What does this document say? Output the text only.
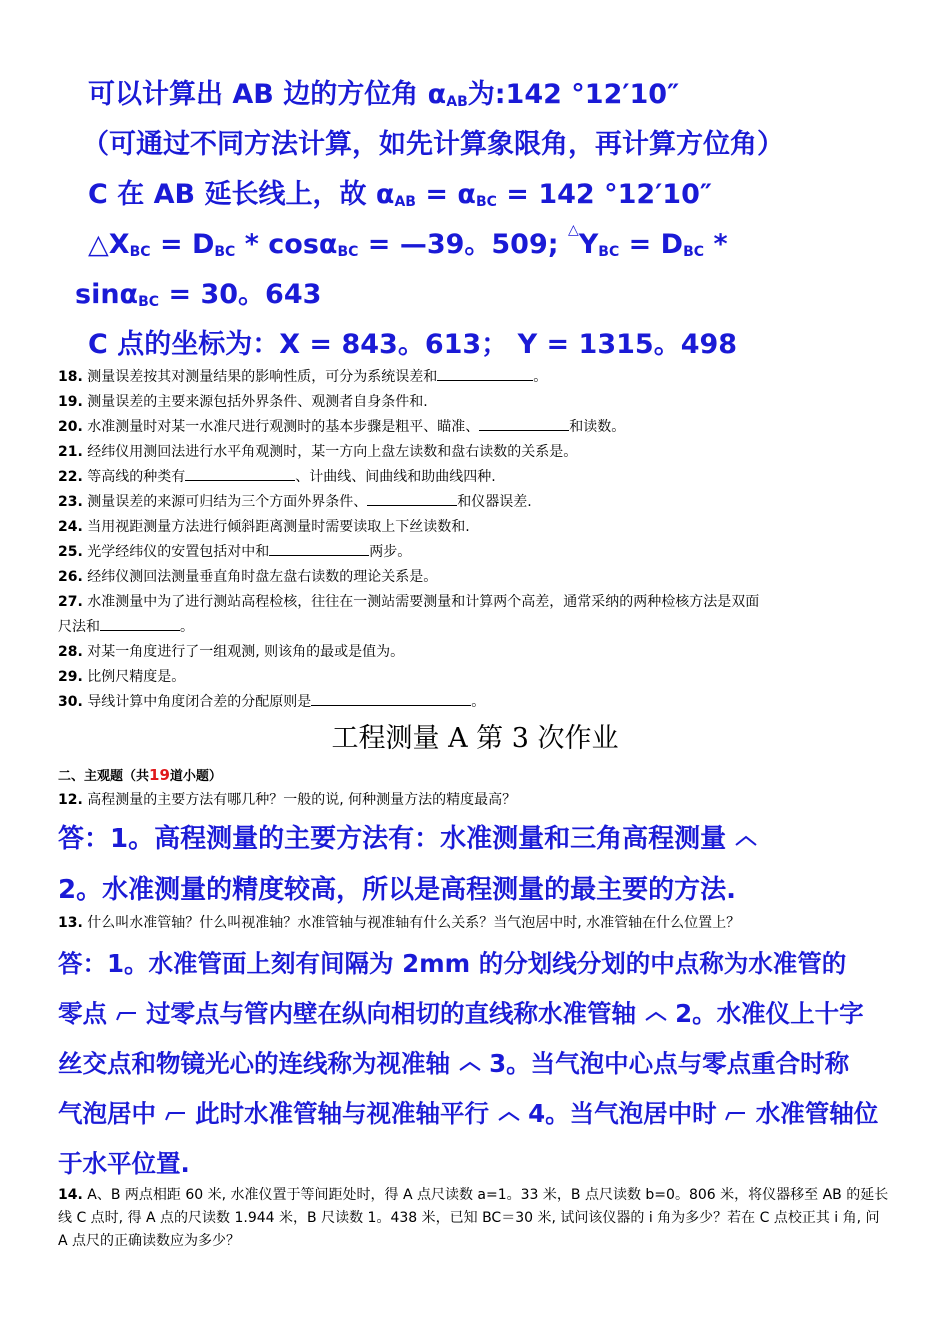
可以计算出 AB 边的方位角 αAB为:142 °12′10″
（可通过不同方法计算，如先计算象限角，再计算方位角）
C 在 AB 延长线上，故 αAB = αBC = 142 °12′10″
△XBC = DBC * cosαBC = —39。509; △YBC = DBC *
sinαBC = 30。643
C 点的坐标为：X = 843。613； Y = 1315。498
18. 测量误差按其对测量结果的影响性质，可分为系统误差和	。
19. 测量误差的主要来源包括外界条件、观测者自身条件和.
20. 水准测量时对某一水准尺进行观测时的基本步骤是粗平、瞄准、	和读数。
21. 经纬仪用测回法进行水平角观测时，某一方向上盘左读数和盘右读数的关系是。
22. 等高线的种类有	、计曲线、间曲线和助曲线四种.
23. 测量误差的来源可归结为三个方面外界条件、	和仪器误差.
24. 当用视距测量方法进行倾斜距离测量时需要读取上下丝读数和.
25. 光学经纬仪的安置包括对中和	两步。
26. 经纬仪测回法测量垂直角时盘左盘右读数的理论关系是。
27. 水准测量中为了进行测站高程检核，往往在一测站需要测量和计算两个高差，通常采纳的两种检核方法是双面
尺法和	。
28. 对某一角度进行了一组观测, 则该角的最或是值为。
29. 比例尺精度是。
30. 导线计算中角度闭合差的分配原则是	。
工程测量 A 第 3 次作业
二、主观题（共19道小题）
12. 高程测量的主要方法有哪几种？一般的说, 何种测量方法的精度最高？
答：1。高程测量的主要方法有：水准测量和三角高程测量
2。水准测量的精度较高，所以是高程测量的最主要的方法.
13. 什么叫水准管轴？什么叫视准轴？水准管轴与视准轴有什么关系？当气泡居中时, 水准管轴在什么位置上？
答：1。水准管面上刻有间隔为 2mm 的分划线分划的中点称为水准管的
零点 过零点与管内壁在纵向相切的直线称水准管轴  2。水准仪上十字
丝交点和物镜光心的连线称为视准轴  3。当气泡中心点与零点重合时称
气泡居中 此时水准管轴与视准轴平行  4。当气泡居中时 水准管轴位
于水平位置.
14. A、B 两点相距 60 米, 水准仪置于等间距处时，得 A 点尺读数 a=1。33 米，B 点尺读数 b=0。806 米，将仪器移至 AB 的延长线 C 点时, 得 A 点的尺读数 1.944 米，B 尺读数 1。438 米，已知 BC＝30 米, 试问该仪器的 i 角为多少？若在 C 点校正其 i 角, 问 A 点尺的正确读数应为多少？
